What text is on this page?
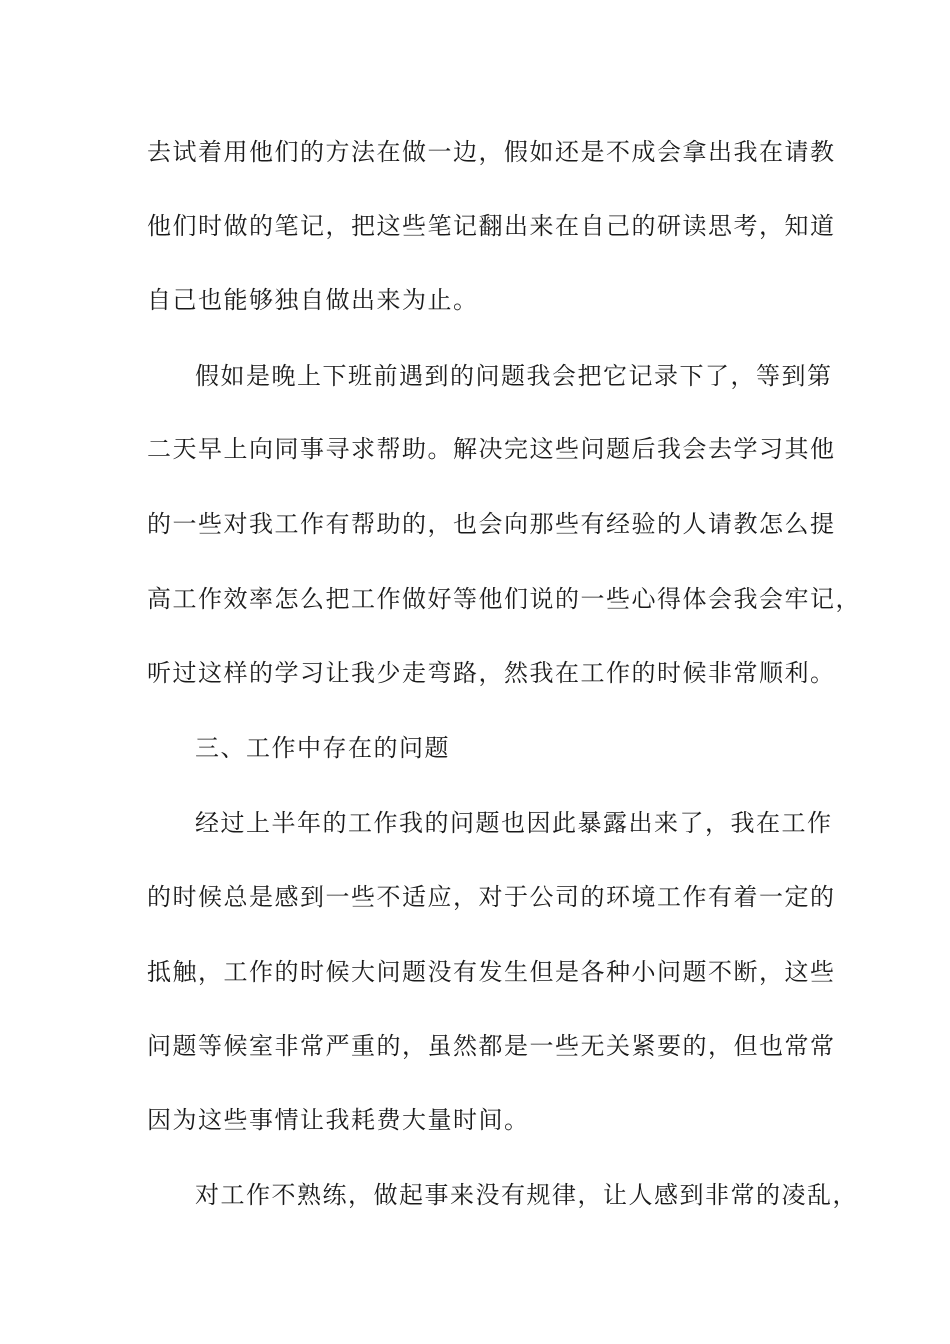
去试着用他们的方法在做一边，假如还是不成会拿出我在请教
他们时做的笔记，把这些笔记翻出来在自己的研读思考，知道
自己也能够独自做出来为止。
假如是晚上下班前遇到的问题我会把它记录下了，等到第
二天早上向同事寻求帮助。解决完这些问题后我会去学习其他
的一些对我工作有帮助的，也会向那些有经验的人请教怎么提
高工作效率怎么把工作做好等他们说的一些心得体会我会牢记，
听过这样的学习让我少走弯路，然我在工作的时候非常顺利。
三、工作中存在的问题
经过上半年的工作我的问题也因此暴露出来了，我在工作
的时候总是感到一些不适应，对于公司的环境工作有着一定的
抵触，工作的时候大问题没有发生但是各种小问题不断，这些
问题等候室非常严重的，虽然都是一些无关紧要的，但也常常
因为这些事情让我耗费大量时间。
对工作不熟练，做起事来没有规律，让人感到非常的凌乱，
